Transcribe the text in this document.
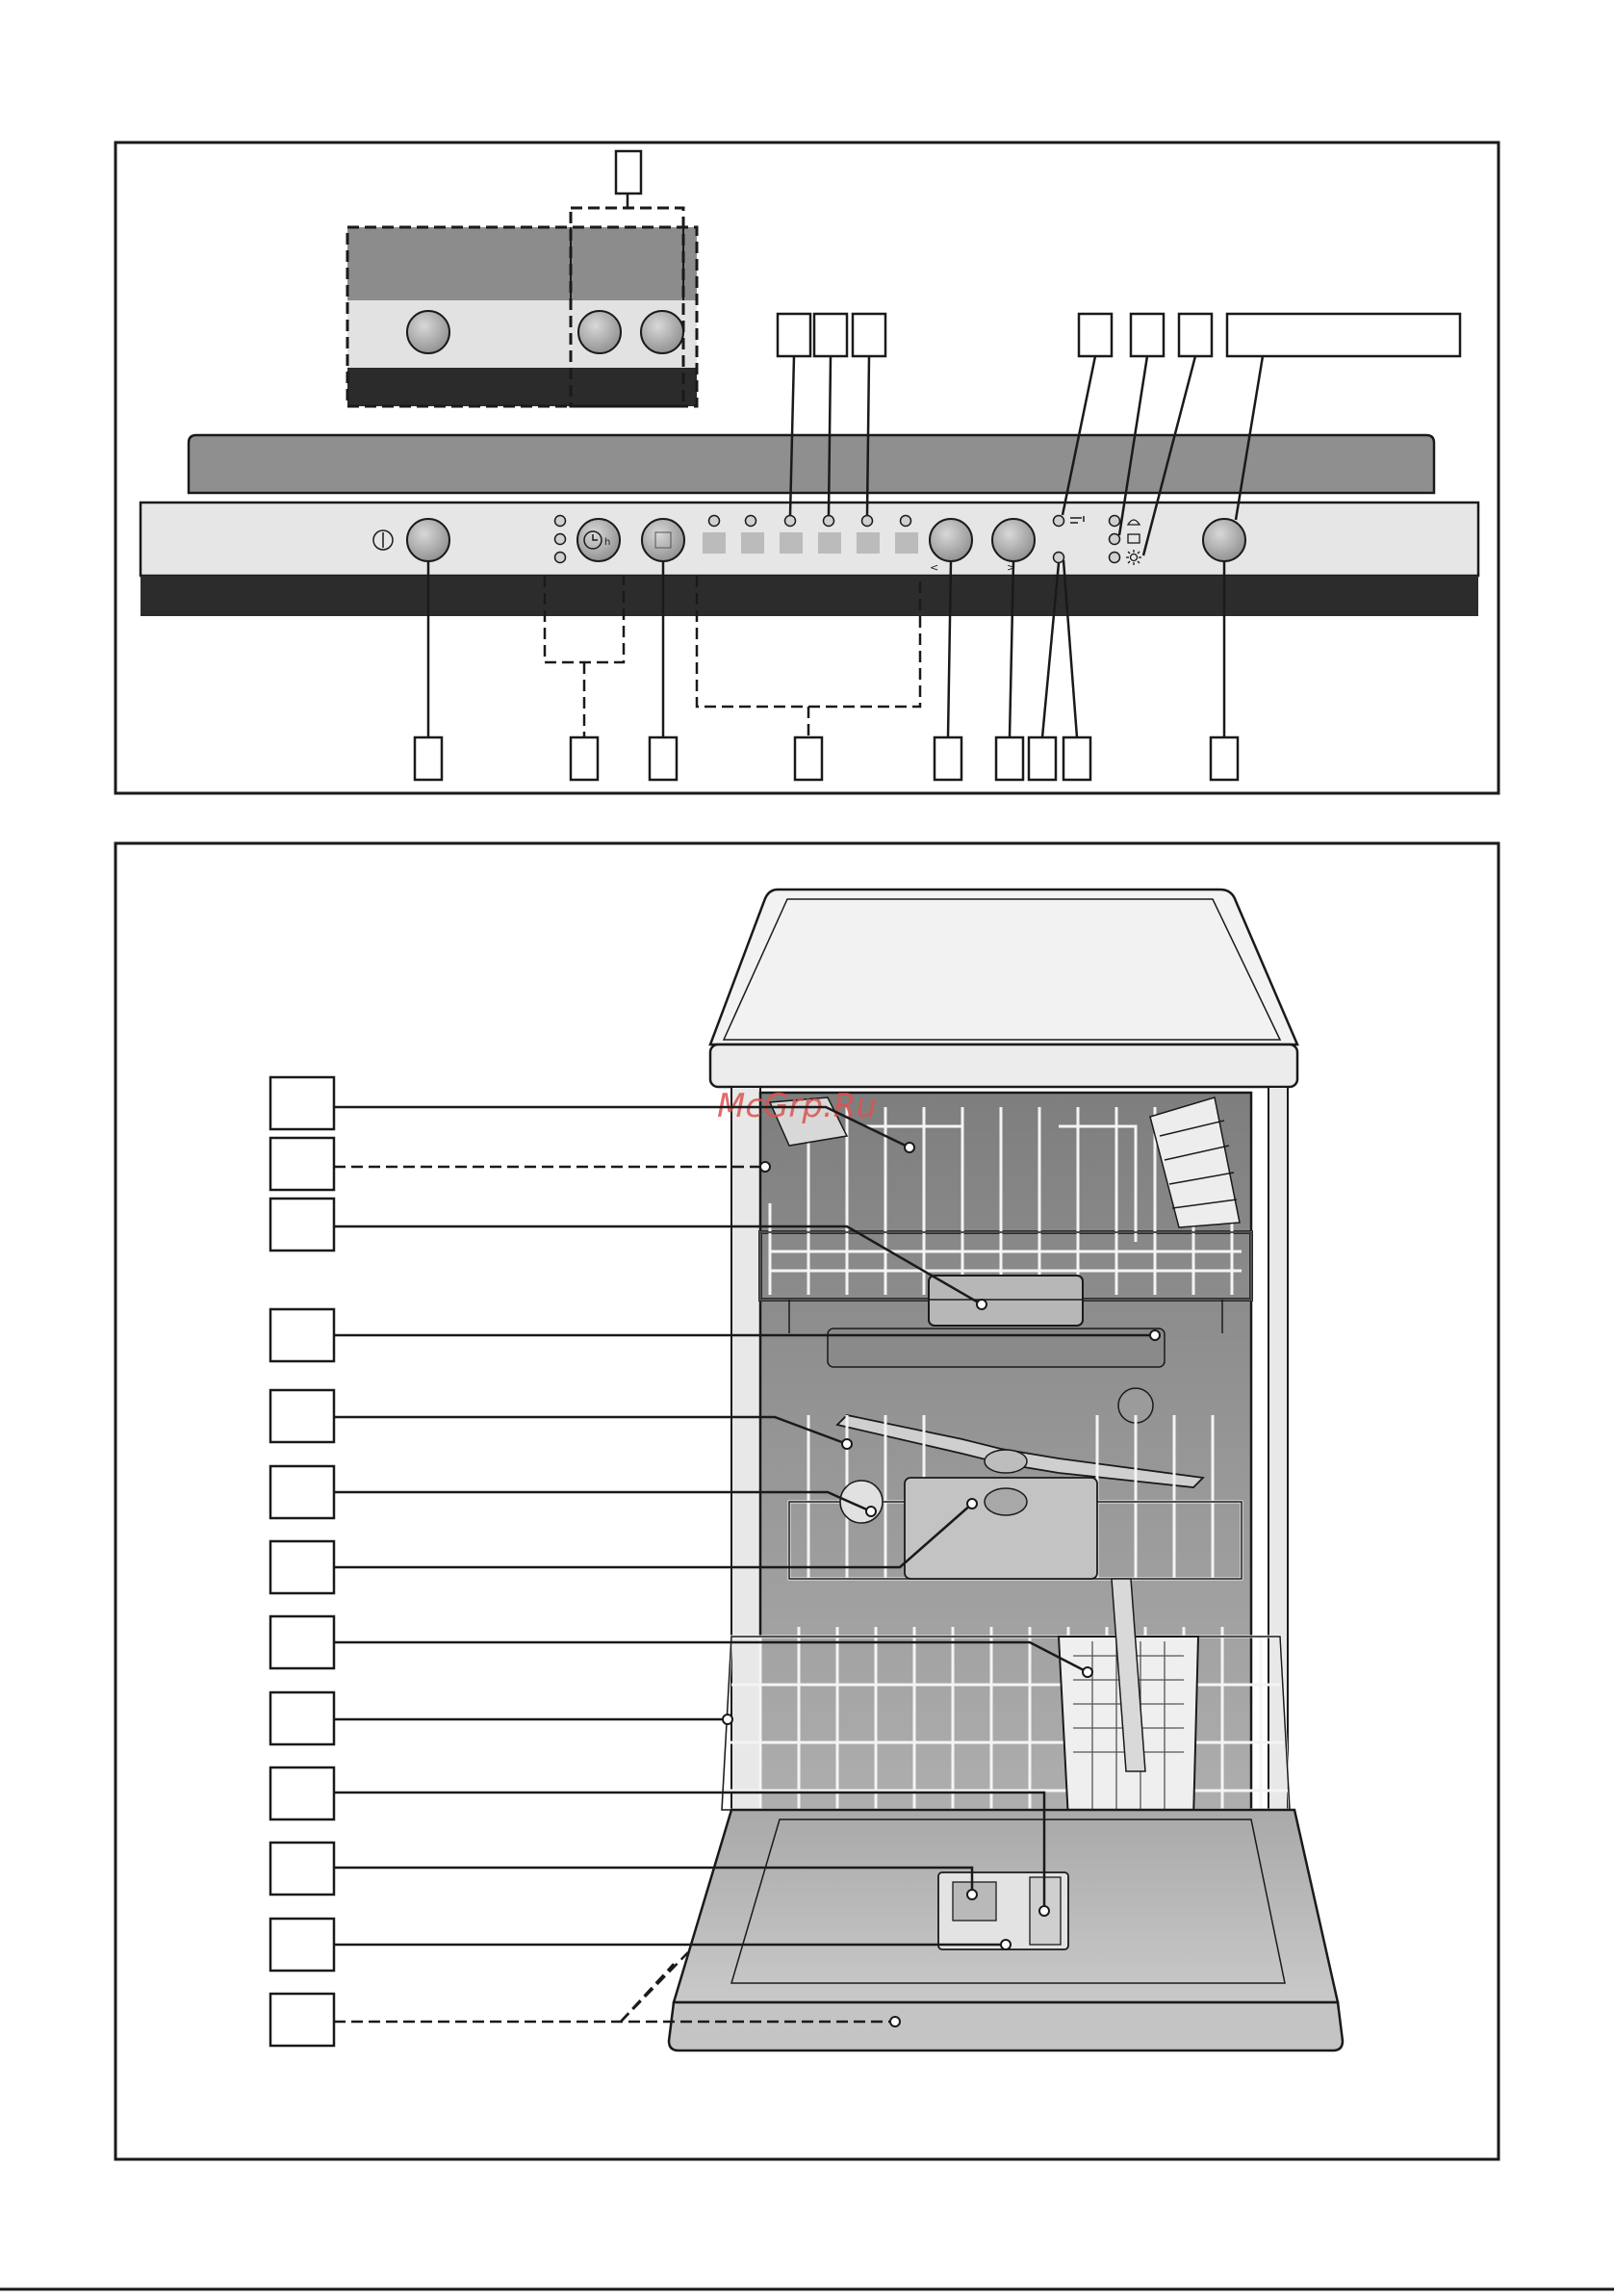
h
<	>
McGrp.Ru
